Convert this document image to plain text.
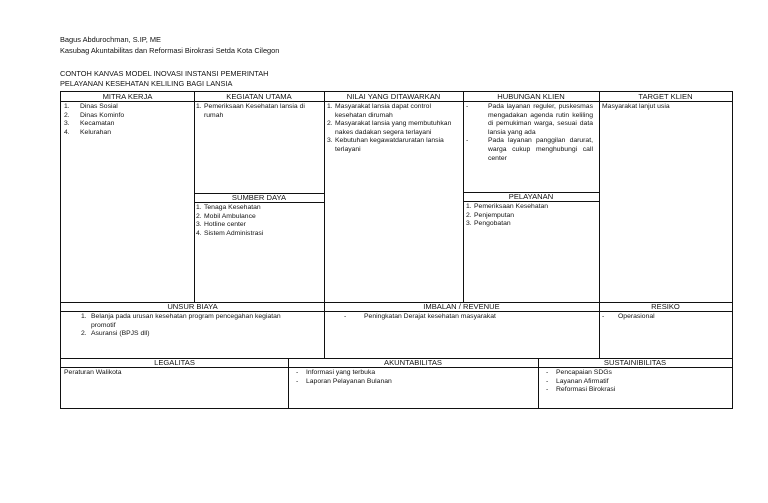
Bagus Abdurochman, S.IP, ME
Kasubag Akuntabilitas dan Reformasi Birokrasi Setda Kota Cilegon
CONTOH KANVAS MODEL INOVASI INSTANSI PEMERINTAH
PELAYANAN KESEHATAN KELILING BAGI LANSIA
MITRA KERJA
1. Dinas Sosial
2. Dinas Kominfo
3. Kecamatan
4. Kelurahan
KEGIATAN UTAMA
1. Pemeriksaan Kesehatan lansia di rumah
SUMBER DAYA
1. Tenaga Kesehatan
2. Mobil Ambulance
3. Hotline center
4. Sistem Administrasi
NILAI YANG DITAWARKAN
1. Masyarakat lansia dapat control kesehatan dirumah
2. Masyarakat lansia yang membutuhkan nakes dadakan segera terlayani
3. Kebutuhan kegawatdaruratan lansia terlayani
HUBUNGAN KLIEN
-	Pada layanan reguler, puskesmas mengadakan agenda rutin keliling di pemukiman warga, sesuai data lansia yang ada
-	Pada layanan panggilan darurat, warga cukup menghubungi call center
PELAYANAN
1. Pemeriksaan Kesehatan
2. Penjemputan
3. Pengobatan
TARGET KLIEN
Masyarakat lanjut usia
UNSUR BIAYA
1. Belanja pada urusan kesehatan program pencegahan kegiatan promotif
2. Asuransi (BPJS dll)
IMBALAN / REVENUE
-	Peningkatan Derajat kesehatan masyarakat
RESIKO
- Operasional
LEGALITAS
Peraturan Walikota
AKUNTABILITAS
- Informasi yang terbuka
- Laporan Pelayanan Bulanan
SUSTAINIBILITAS
- Pencapaian SDGs
- Layanan Afirmatif
- Reformasi Birokrasi
